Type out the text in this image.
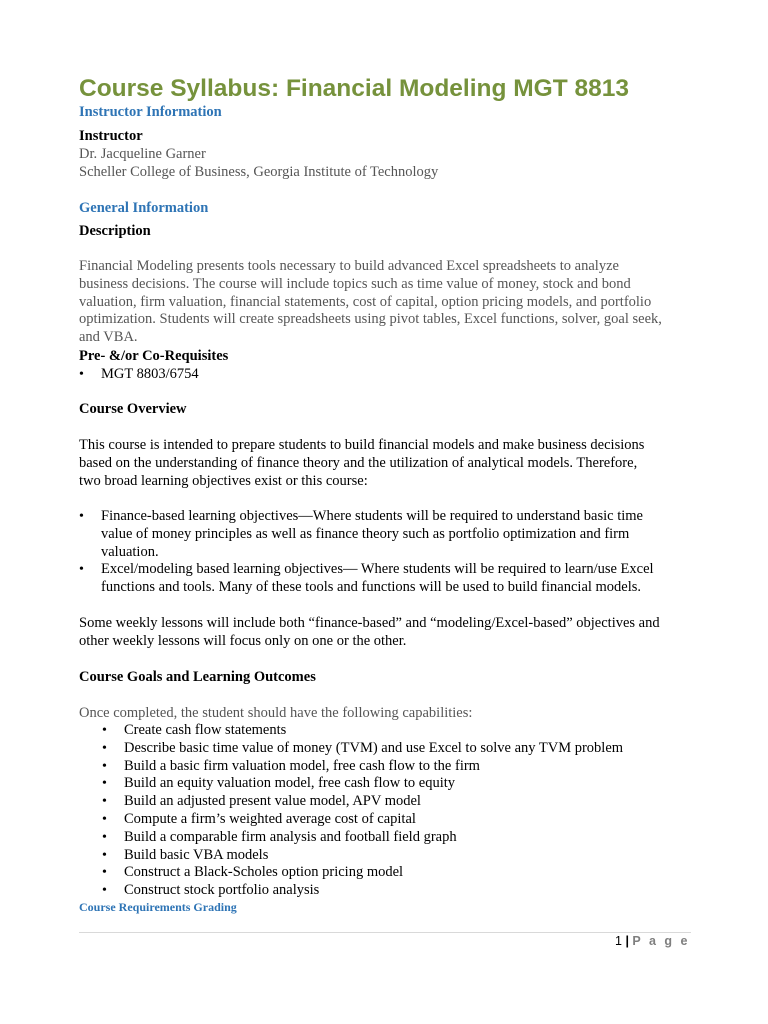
Course Syllabus: Financial Modeling MGT 8813
Instructor Information
Instructor
Dr. Jacqueline Garner
Scheller College of Business, Georgia Institute of Technology
General Information
Description
Financial Modeling presents tools necessary to build advanced Excel spreadsheets to analyze
business decisions. The course will include topics such as time value of money, stock and bond
valuation, firm valuation, financial statements, cost of capital, option pricing models, and portfolio
optimization. Students will create spreadsheets using pivot tables, Excel functions, solver, goal seek,
and VBA.
Pre- &/or Co-Requisites
• MGT 8803/6754
Course Overview
This course is intended to prepare students to build financial models and make business decisions
based on the understanding of finance theory and the utilization of analytical models. Therefore,
two broad learning objectives exist or this course:
• Finance-based learning objectives—Where students will be required to understand basic time
value of money principles as well as finance theory such as portfolio optimization and firm
valuation.
• Excel/modeling based learning objectives— Where students will be required to learn/use Excel
functions and tools. Many of these tools and functions will be used to build financial models.
Some weekly lessons will include both “finance-based” and “modeling/Excel-based” objectives and
other weekly lessons will focus only on one or the other.
Course Goals and Learning Outcomes
Once completed, the student should have the following capabilities:
• Create cash flow statements
• Describe basic time value of money (TVM) and use Excel to solve any TVM problem
• Build a basic firm valuation model, free cash flow to the firm
• Build an equity valuation model, free cash flow to equity
• Build an adjusted present value model, APV model
• Compute a firm’s weighted average cost of capital
• Build a comparable firm analysis and football field graph
• Build basic VBA models
• Construct a Black-Scholes option pricing model
• Construct stock portfolio analysis
Course Requirements Grading
1 | P a g e
